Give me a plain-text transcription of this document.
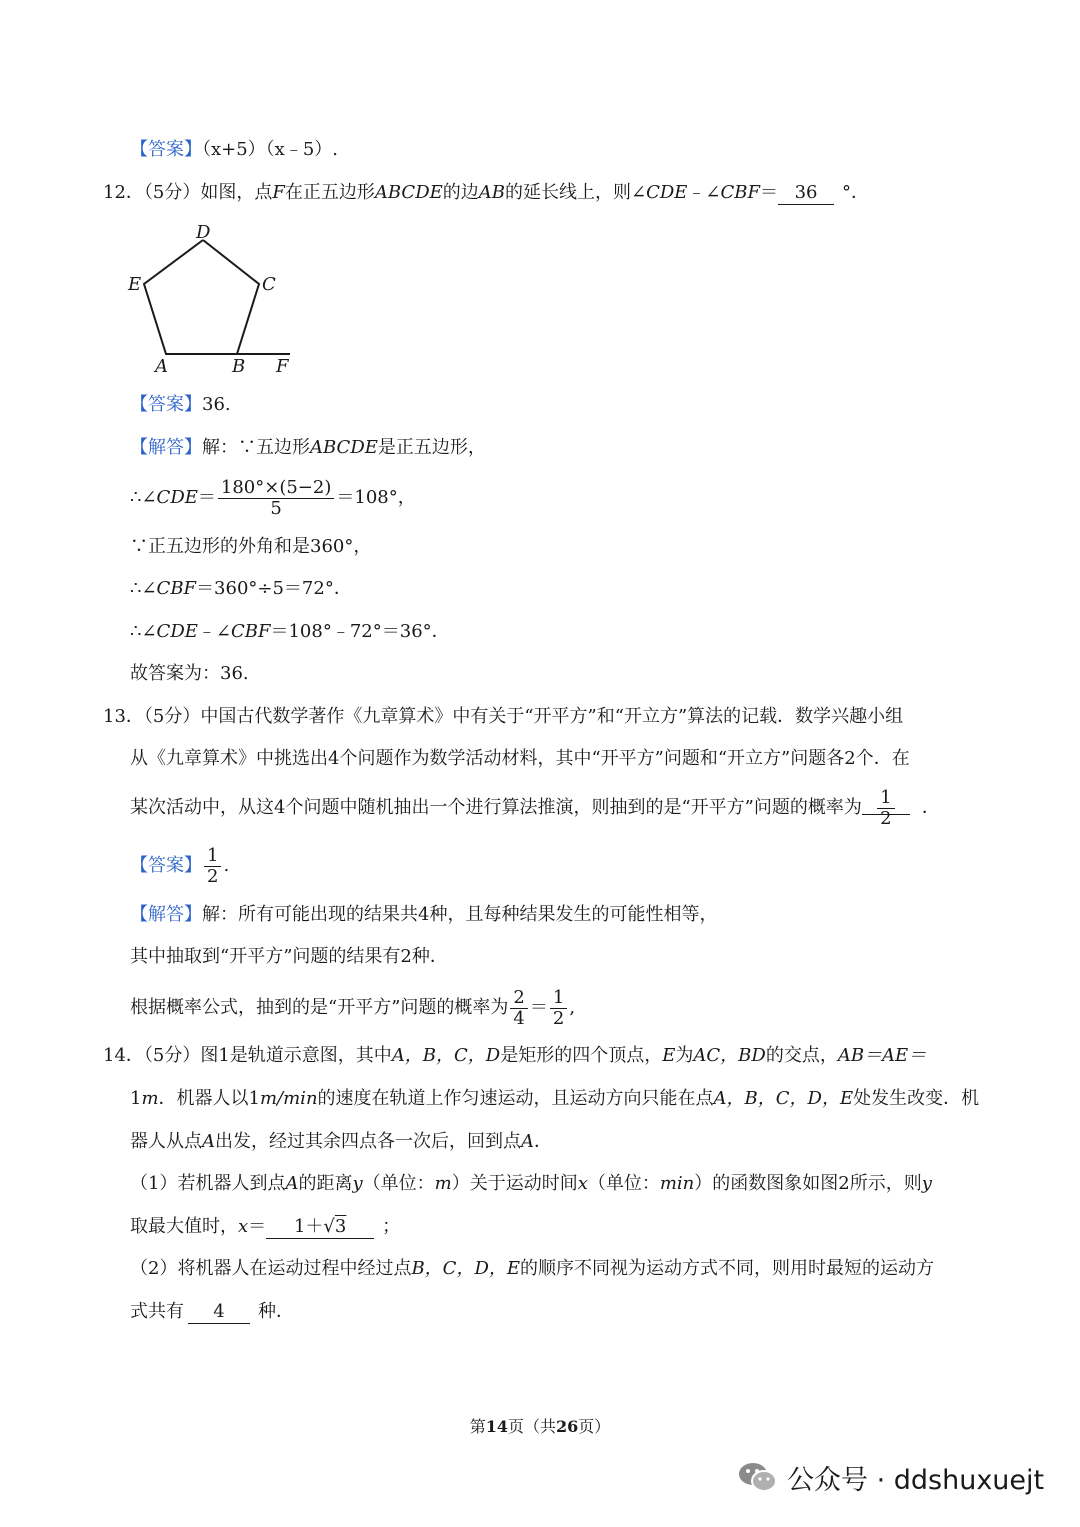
【答案】（x+5）（x﹣5）.
12．（5分）如图，点F在正五边形ABCDE的边AB的延长线上，则∠CDE﹣∠CBF＝ 36 °．
D
E	C
A	B F
【答案】36.
【解答】解：∵五边形ABCDE是正五边形，
∴∠CDE＝ $\frac{180^\circ\times(5-2)}{5} =108^\circ$，
∵正五边形的外角和是360°，
∴∠CBF＝360°÷5＝72°．
∴∠CDE﹣∠CBF＝108°﹣72°＝36°．
故答案为：36.
13．（5分）中国古代数学著作《九章算术》中有关于“开平方”和“开立方”算法的记载．数学兴趣小组
从《九章算术》中挑选出4个问题作为数学活动材料，其中“开平方”问题和“开立方”问题各2个．在
某次活动中，从这4个问题中随机抽出一个进行算法推演，则抽到的是“开平方”问题的概率为 $\frac{1}{2}$ ．
【答案】 $\frac{1}{2}$ .
【解答】解：所有可能出现的结果共4种，且每种结果发生的可能性相等，
其中抽取到“开平方”问题的结果有2种．
根据概率公式，抽到的是“开平方”问题的概率为 $\frac{2}{4} = \frac{1}{2}$ ,
14．（5分）图1是轨道示意图，其中A，B，C，D是矩形的四个顶点，E为AC，BD的交点，AB＝AE＝
1m．机器人以1m/min的速度在轨道上作匀速运动，且运动方向只能在点A，B，C，D，E处发生改变．机
器人从点A出发，经过其余四点各一次后，回到点A．
（1）若机器人到点A的距离y（单位：m）关于运动时间x（单位：min）的函数图象如图2所示，则y
取最大值时，x＝ 1＋√3 ；
（2）将机器人在运动过程中经过点B，C，D，E的顺序不同视为运动方式不同，则用时最短的运动方
式共有 4 种．
第14页（共26页）
公众号 · ddshuxuejt
